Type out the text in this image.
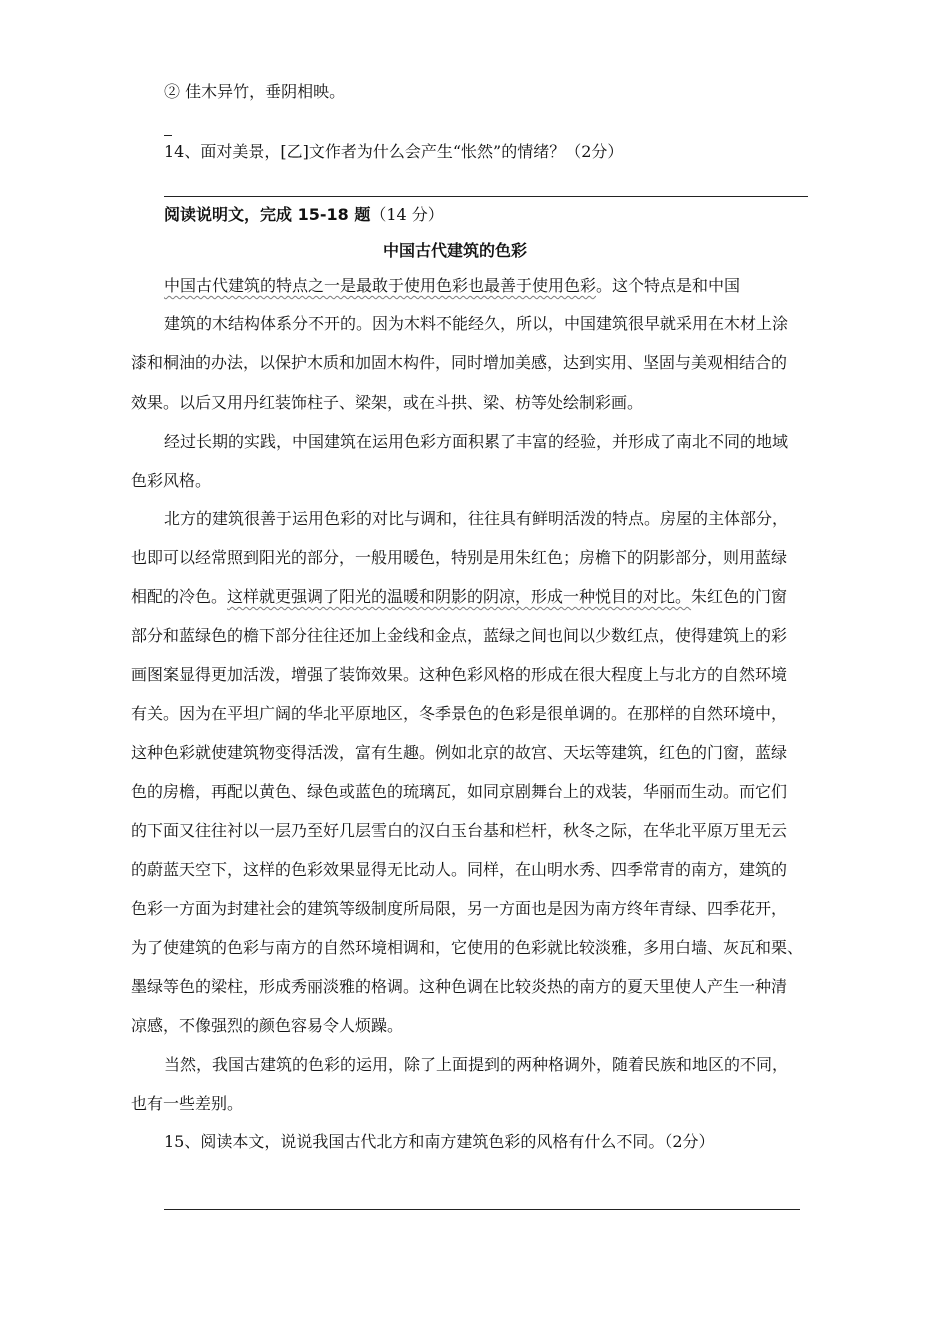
② 佳木异竹，垂阴相映。
14、面对美景，[乙]文作者为什么会产生“怅然”的情绪？（2分）
阅读说明文，完成 15-18 题（14 分）
中国古代建筑的色彩
中国古代建筑的特点之一是最敢于使用色彩也最善于使用色彩。这个特点是和中国
建筑的木结构体系分不开的。因为木料不能经久，所以，中国建筑很早就采用在木材上涂
漆和桐油的办法，以保护木质和加固木构件，同时增加美感，达到实用、坚固与美观相结合的
效果。以后又用丹红装饰柱子、梁架，或在斗拱、梁、枋等处绘制彩画。
经过长期的实践，中国建筑在运用色彩方面积累了丰富的经验，并形成了南北不同的地域
色彩风格。
北方的建筑很善于运用色彩的对比与调和，往往具有鲜明活泼的特点。房屋的主体部分，
也即可以经常照到阳光的部分，一般用暖色，特别是用朱红色；房檐下的阴影部分，则用蓝绿
相配的冷色。这样就更强调了阳光的温暖和阴影的阴凉，形成一种悦目的对比。朱红色的门窗
部分和蓝绿色的檐下部分往往还加上金线和金点，蓝绿之间也间以少数红点，使得建筑上的彩
画图案显得更加活泼，增强了装饰效果。这种色彩风格的形成在很大程度上与北方的自然环境
有关。因为在平坦广阔的华北平原地区，冬季景色的色彩是很单调的。在那样的自然环境中，
这种色彩就使建筑物变得活泼，富有生趣。例如北京的故宫、天坛等建筑，红色的门窗，蓝绿
色的房檐，再配以黄色、绿色或蓝色的琉璃瓦，如同京剧舞台上的戏装，华丽而生动。而它们
的下面又往往衬以一层乃至好几层雪白的汉白玉台基和栏杆，秋冬之际，在华北平原万里无云
的蔚蓝天空下，这样的色彩效果显得无比动人。同样，在山明水秀、四季常青的南方，建筑的
色彩一方面为封建社会的建筑等级制度所局限，另一方面也是因为南方终年青绿、四季花开，
为了使建筑的色彩与南方的自然环境相调和，它使用的色彩就比较淡雅，多用白墙、灰瓦和栗、
墨绿等色的梁柱，形成秀丽淡雅的格调。这种色调在比较炎热的南方的夏天里使人产生一种清
凉感，不像强烈的颜色容易令人烦躁。
当然，我国古建筑的色彩的运用，除了上面提到的两种格调外，随着民族和地区的不同，
也有一些差别。
15、阅读本文，说说我国古代北方和南方建筑色彩的风格有什么不同。（2分）
